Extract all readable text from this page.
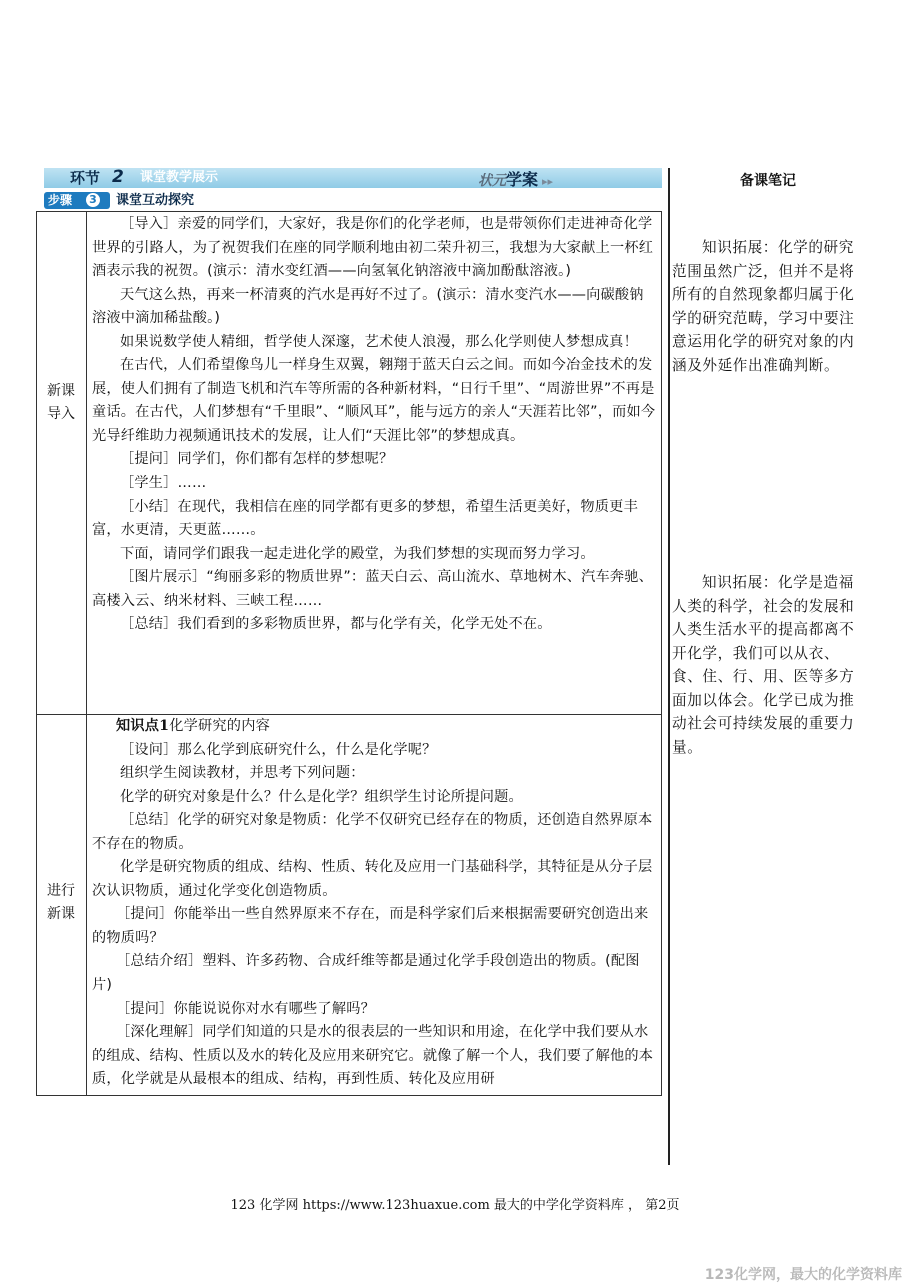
环节 2 课堂教学展示	状元学案 ▸▸
步骤 3 课堂互动探究
新课
导入

［导入］亲爱的同学们，大家好，我是你们的化学老师，也是带领你们走进神奇化学世界的引路人，为了祝贺我们在座的同学顺利地由初二荣升初三，我想为大家献上一杯红酒表示我的祝贺。(演示：清水变红酒——向氢氧化钠溶液中滴加酚酞溶液。)

天气这么热，再来一杯清爽的汽水是再好不过了。(演示：清水变汽水——向碳酸钠溶液中滴加稀盐酸。)

如果说数学使人精细，哲学使人深邃，艺术使人浪漫，那么化学则使人梦想成真！

在古代，人们希望像鸟儿一样身生双翼，翱翔于蓝天白云之间。而如今冶金技术的发展，使人们拥有了制造飞机和汽车等所需的各种新材料，“日行千里”、“周游世界”不再是童话。在古代，人们梦想有“千里眼”、“顺风耳”，能与远方的亲人“天涯若比邻”，而如今光导纤维助力视频通讯技术的发展，让人们“天涯比邻”的梦想成真。

［提问］同学们，你们都有怎样的梦想呢？

［学生］……

［小结］在现代，我相信在座的同学都有更多的梦想，希望生活更美好，物质更丰富，水更清，天更蓝……。

下面，请同学们跟我一起走进化学的殿堂，为我们梦想的实现而努力学习。

［图片展示］“绚丽多彩的物质世界”：蓝天白云、高山流水、草地树木、汽车奔驰、高楼入云、纳米材料、三峡工程……

［总结］我们看到的多彩物质世界，都与化学有关，化学无处不在。

进行
新课

知识点1化学研究的内容

［设问］那么化学到底研究什么，什么是化学呢？

组织学生阅读教材，并思考下列问题：

化学的研究对象是什么？什么是化学？组织学生讨论所提问题。

［总结］化学的研究对象是物质：化学不仅研究已经存在的物质，还创造自然界原本不存在的物质。

化学是研究物质的组成、结构、性质、转化及应用一门基础科学，其特征是从分子层次认识物质，通过化学变化创造物质。

［提问］你能举出一些自然界原来不存在，而是科学家们后来根据需要研究创造出来的物质吗？

［总结介绍］塑料、许多药物、合成纤维等都是通过化学手段创造出的物质。(配图片)

［提问］你能说说你对水有哪些了解吗？

［深化理解］同学们知道的只是水的很表层的一些知识和用途，在化学中我们要从水的组成、结构、性质以及水的转化及应用来研究它。就像了解一个人，我们要了解他的本质，化学就是从最根本的组成、结构，再到性质、转化及应用研

备课笔记

知识拓展：化学的研究范围虽然广泛，但并不是将所有的自然现象都归属于化学的研究范畴，学习中要注意运用化学的研究对象的内涵及外延作出准确判断。

知识拓展：化学是造福人类的科学，社会的发展和人类生活水平的提高都离不开化学，我们可以从衣、食、住、行、用、医等多方面加以体会。化学已成为推动社会可持续发展的重要力量。

123 化学网 https://www.123huaxue.com 最大的中学化学资料库 ， 第2页
123化学网，最大的化学资料库
